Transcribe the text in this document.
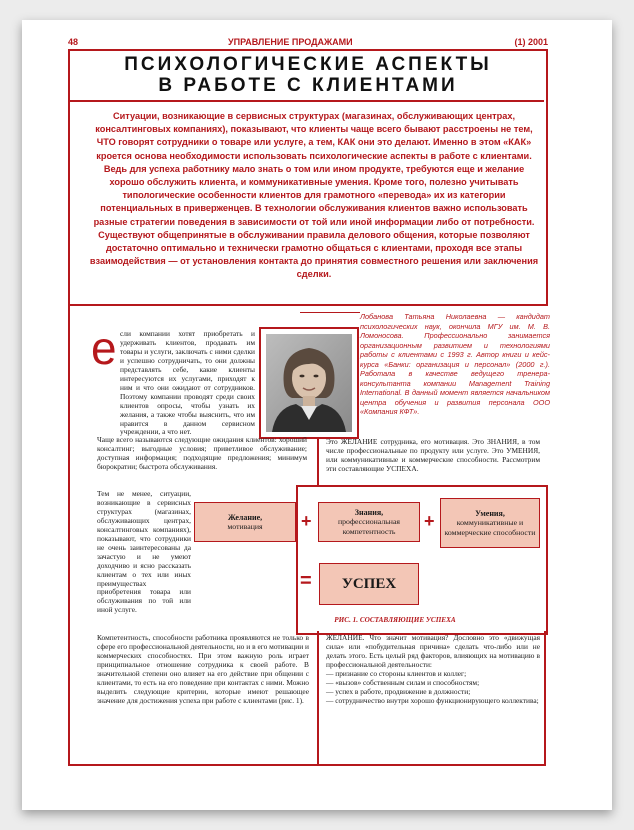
48	УПРАВЛЕНИЕ ПРОДАЖАМИ	(1) 2001
ПСИХОЛОГИЧЕСКИЕ АСПЕКТЫ
В РАБОТЕ С КЛИЕНТАМИ

Ситуации, возникающие в сервисных структурах (магазинах, обслуживающих центрах, консалтинговых компаниях), показывают, что клиенты чаще всего бывают расстроены не тем, ЧТО говорят сотрудники о товаре или услуге, а тем, КАК они это делают. Именно в этом «КАК» кроется основа необходимости использовать психологические аспекты в работе с клиентами. Ведь для успеха работнику мало знать о том или ином продукте, требуются еще и желание хорошо обслужить клиента, и коммуникативные умения. Кроме того, полезно учитывать типологические особенности клиентов для грамотного «перевода» их из категории потенциальных в приверженцев. В технологии обслуживания клиентов важно использовать разные стратегии поведения в зависимости от той или иной информации либо от потребности. Существуют общепринятые в обслуживании правила делового общения, которые позволяют достаточно оптимально и технически грамотно общаться с клиентами, проходя все этапы взаимодействия — от установления контакта до принятия совместного решения или заключения сделки.

Лобанова Татьяна Николаевна — кандидат психологических наук, окончила МГУ им. М. В. Ломоносова. Профессионально занимается организационным развитием и технологиями работы с клиентами с 1993 г. Автор книги и кейс-курса «Банки: организация и персонал» (2000 г.). Работала в качестве ведущего тренера-консультанта компании Management Training International. В данный момент является начальником центра обучения и развития персонала ООО «Компания КФТ».

е сли компании хотят приобретать и удерживать клиентов, продавать им товары и услуги, заключать с ними сделки и успешно сотрудничать, то они должны представлять себе, какие клиенты интересуются их услугами, приходят к ним и что они ожидают от сотрудников. Поэтому компании проводят среди своих клиентов опросы, чтобы узнать их желания, а также чтобы выяснить, что им нравится в данном сервисном учреждении, а что нет.

Чаще всего называются следующие ожидания клиентов: хороший консалтинг; выгодные условия; приветливое обслуживание; доступная информация; подходящие предложения; минимум бюрократии; быстрота обслуживания.

Тем не менее, ситуации, возникающие в сервисных структурах (магазинах, обслуживающих центрах, консалтинговых компаниях), показывают, что сотрудники не очень заинтересованы да зачастую и не умеют доходчиво и ясно рассказать клиентам о тех или иных преимуществах приобретения товара или обслуживания по той или иной услуге.

Компетентность, способности работника проявляются не только в сфере его профессиональной деятельности, но и в его мотивации и коммерческих способностях. При этом важную роль играет принципиальное отношение сотрудника к своей работе. В значительной степени оно влияет на его действие при общении с клиентами, то есть на его поведение при контактах с ними. Можно выделить следующие критерии, которые имеют решающее значение для достижения успеха при работе с клиентами (рис. 1).

Это ЖЕЛАНИЕ сотрудника, его мотивация. Это ЗНАНИЯ, в том числе профессиональные по продукту или услуге. Это УМЕНИЯ, или коммуникативные и коммерческие способности. Рассмотрим эти составляющие УСПЕХА.

ЖЕЛАНИЕ. Что значит мотивация? Дословно это «движущая сила» или «побудительная причина» сделать что-либо или не делать этого. Есть целый ряд факторов, влияющих на мотивацию в профессиональной деятельности:

— признание со стороны клиентов и коллег;
— «вызов» собственным силам и способностям;
— успех в работе, продвижение в должности;
— сотрудничество внутри хорошо функционирующего коллектива;
Желание,
мотивация +	Знания,
профессиональная компетентность
+	Умения,
коммуникативные и коммерческие способности
=	УСПЕХ
РИС. 1. СОСТАВЛЯЮЩИЕ УСПЕХА
